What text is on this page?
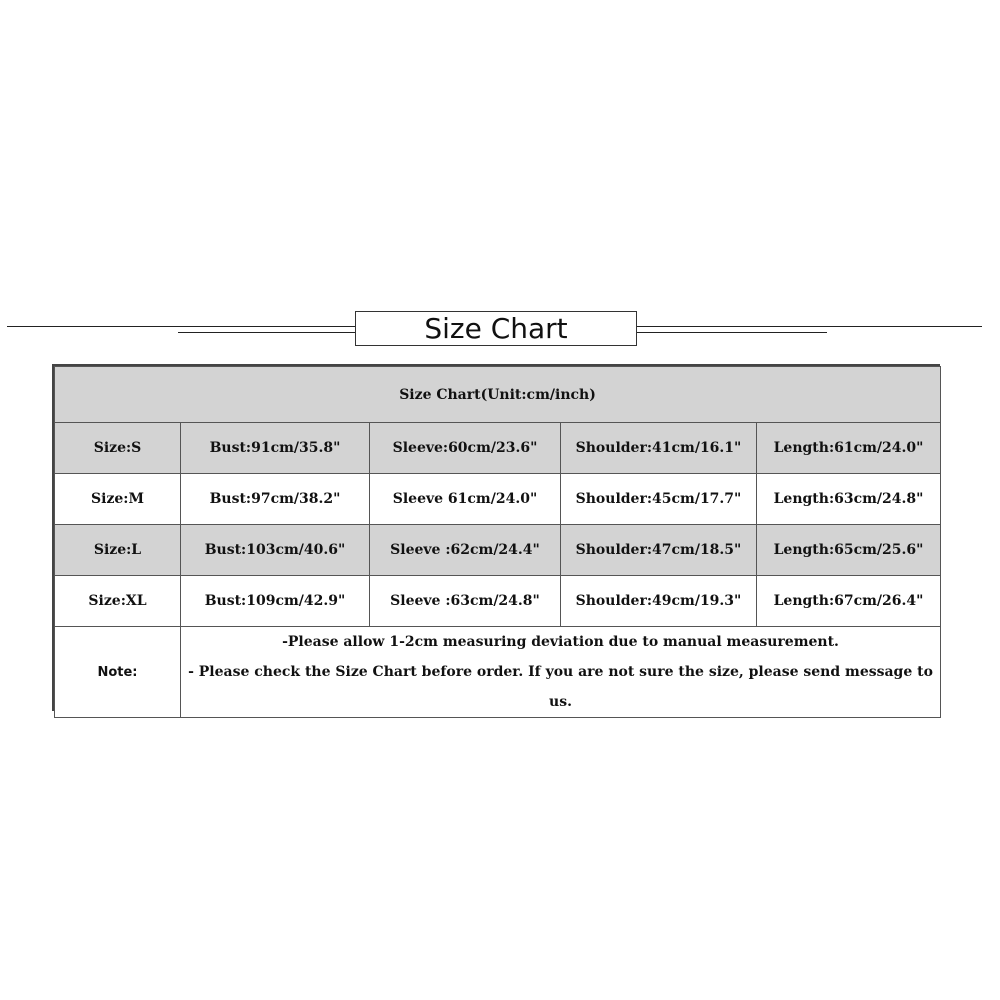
Size Chart
Size Chart(Unit:cm/inch)				
Size:S	Bust:91cm/35.8"	Sleeve:60cm/23.6"	Shoulder:41cm/16.1"	Length:61cm/24.0"
Size:M	Bust:97cm/38.2"	Sleeve 61cm/24.0"	Shoulder:45cm/17.7"	Length:63cm/24.8"
Size:L	Bust:103cm/40.6"	Sleeve :62cm/24.4"	Shoulder:47cm/18.5"	Length:65cm/25.6"
Size:XL	Bust:109cm/42.9"	Sleeve :63cm/24.8"	Shoulder:49cm/19.3"	Length:67cm/26.4"
Note:	-Please allow 1-2cm measuring deviation due to manual measurement.
- Please check the Size Chart before order. If you are not sure the size, please send message to us.			
